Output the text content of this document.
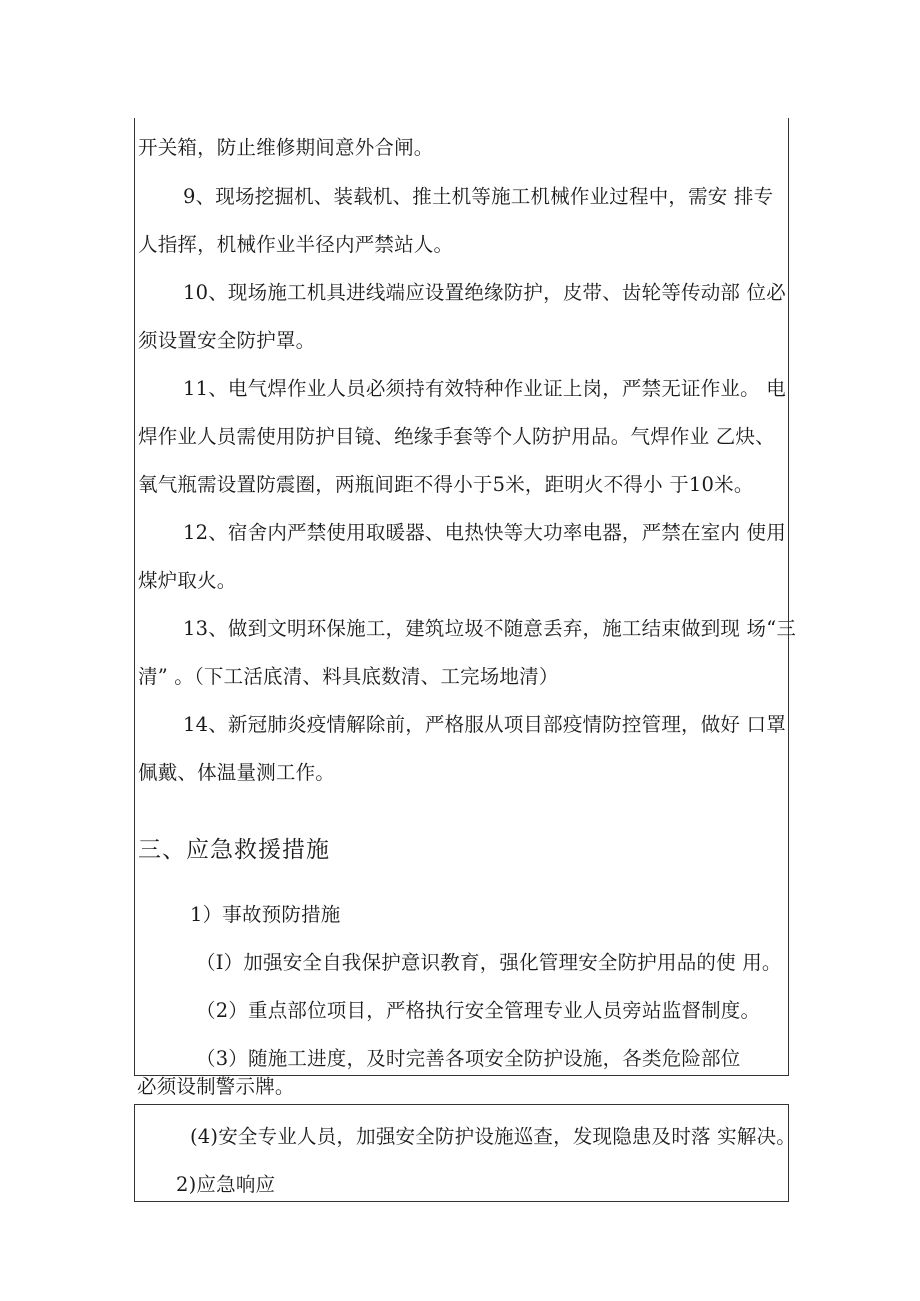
开关箱，防止维修期间意外合闸。
9、现场挖掘机、装载机、推土机等施工机械作业过程中，需安 排专
人指挥，机械作业半径内严禁站人。
10、现场施工机具进线端应设置绝缘防护，皮带、齿轮等传动部 位必
须设置安全防护罩。
11、电气焊作业人员必须持有效特种作业证上岗，严禁无证作业。 电
焊作业人员需使用防护目镜、绝缘手套等个人防护用品。气焊作业 乙炔、
氧气瓶需设置防震圈，两瓶间距不得小于5米，距明火不得小 于10米。
12、宿舍内严禁使用取暖器、电热快等大功率电器，严禁在室内 使用
煤炉取火。
13、做到文明环保施工，建筑垃圾不随意丢弃，施工结束做到现 场“三
清” 。（下工活底清、料具底数清、工完场地清）
14、新冠肺炎疫情解除前，严格服从项目部疫情防控管理，做好 口罩
佩戴、体温量测工作。
三、应急救援措施
1）事故预防措施
（I）加强安全自我保护意识教育，强化管理安全防护用品的使 用。
（2）重点部位项目，严格执行安全管理专业人员旁站监督制度。
（3）随施工进度，及时完善各项安全防护设施，各类危险部位
必须设制警示牌。
(4)安全专业人员，加强安全防护设施巡查，发现隐患及时落 实解决。
2)应急响应
